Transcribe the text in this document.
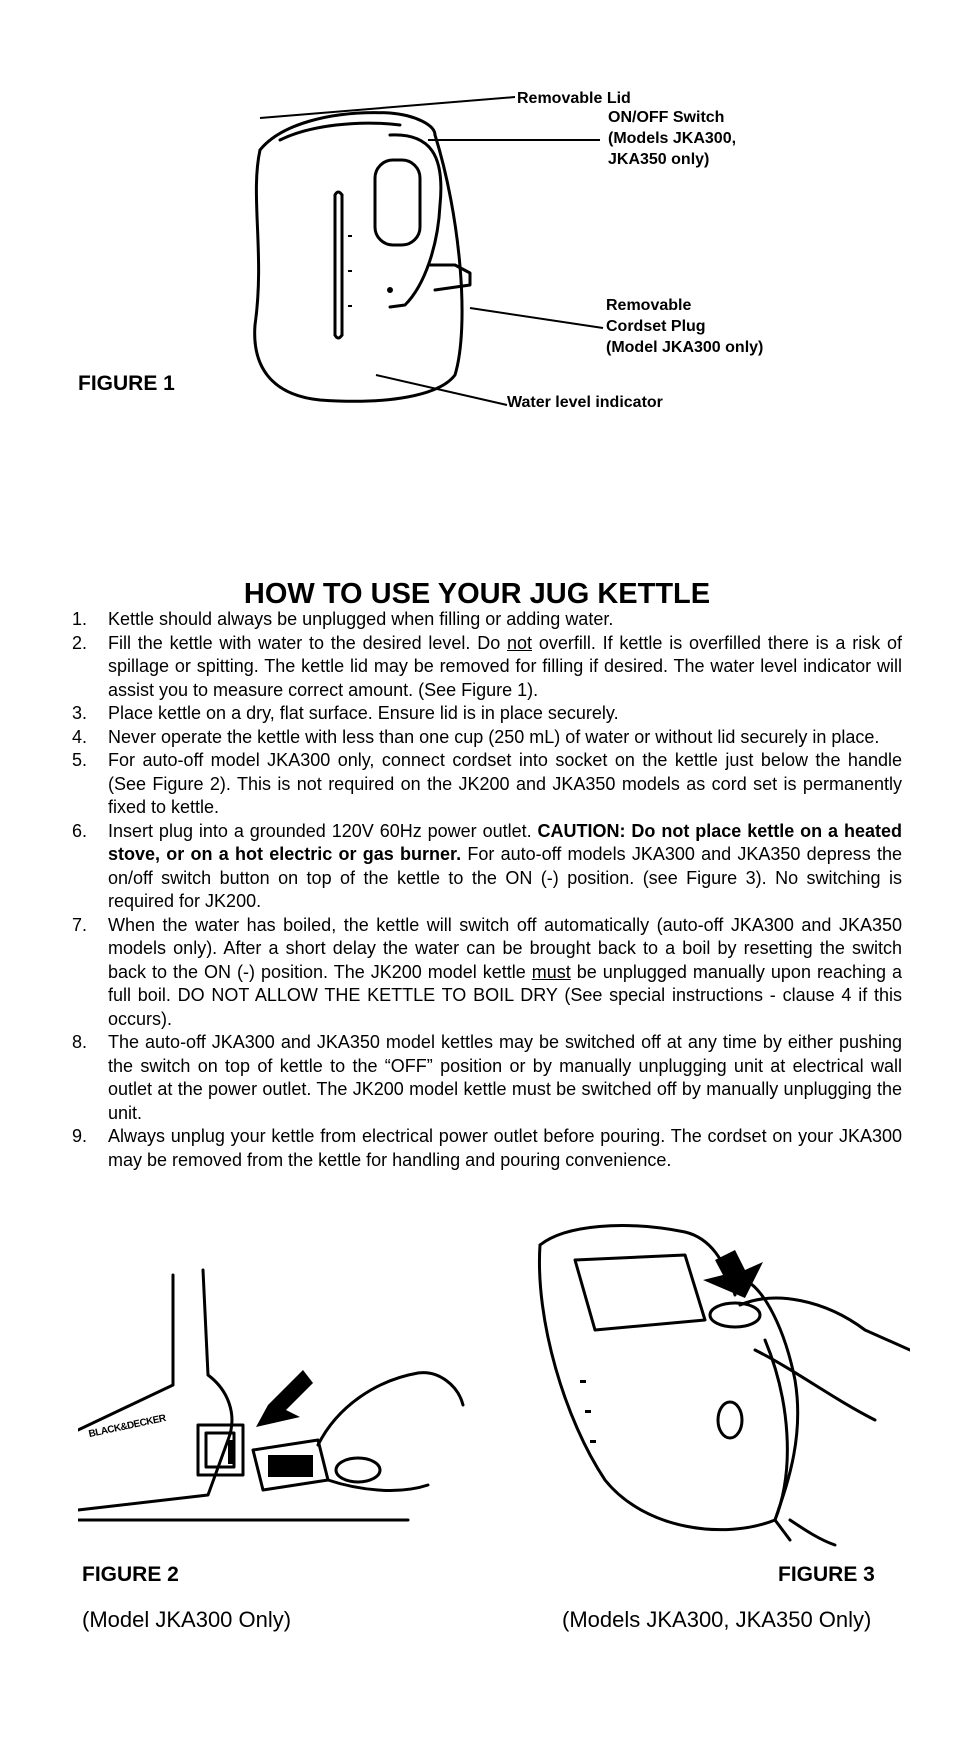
Removable Lid
ON/OFF Switch
(Models JKA300,
JKA350 only)
Removable
Cordset Plug
(Model JKA300 only)
Water level indicator
FIGURE 1
HOW TO USE YOUR JUG KETTLE
1. Kettle should always be unplugged when filling or adding water.
2. Fill the kettle with water to the desired level. Do not overfill. If kettle is overfilled there is a risk of spillage or spitting. The kettle lid may be removed for filling if desired. The water level indicator will assist you to measure correct amount. (See Figure 1).
3. Place kettle on a dry, flat surface. Ensure lid is in place securely.
4. Never operate the kettle with less than one cup (250 mL) of water or without lid securely in place.
5. For auto-off model JKA300 only, connect cordset into socket on the kettle just below the handle (See Figure 2). This is not required on the JK200 and JKA350 models as cord set is permanently fixed to kettle.
6. Insert plug into a grounded 120V 60Hz power outlet. CAUTION: Do not place kettle on a heated stove, or on a hot electric or gas burner. For auto-off models JKA300 and JKA350 depress the on/off switch button on top of the kettle to the ON (-) position. (see Figure 3). No switching is required for JK200.
7. When the water has boiled, the kettle will switch off automatically (auto-off JKA300 and JKA350 models only). After a short delay the water can be brought back to a boil by resetting the switch back to the ON (-) position. The JK200 model kettle must be unplugged manually upon reaching a full boil. DO NOT ALLOW THE KETTLE TO BOIL DRY (See special instructions - clause 4 if this occurs).
8. The auto-off JKA300 and JKA350 model kettles may be switched off at any time by either pushing the switch on top of kettle to the “OFF” position or by manually unplugging unit at electrical wall outlet at the power outlet. The JK200 model kettle must be switched off by manually unplugging the unit.
9. Always unplug your kettle from electrical power outlet before pouring. The cordset on your JKA300 may be removed from the kettle for handling and pouring convenience.
BLACK&DECKER
FIGURE 2	FIGURE 3
(Model JKA300 Only)	(Models JKA300, JKA350 Only)
